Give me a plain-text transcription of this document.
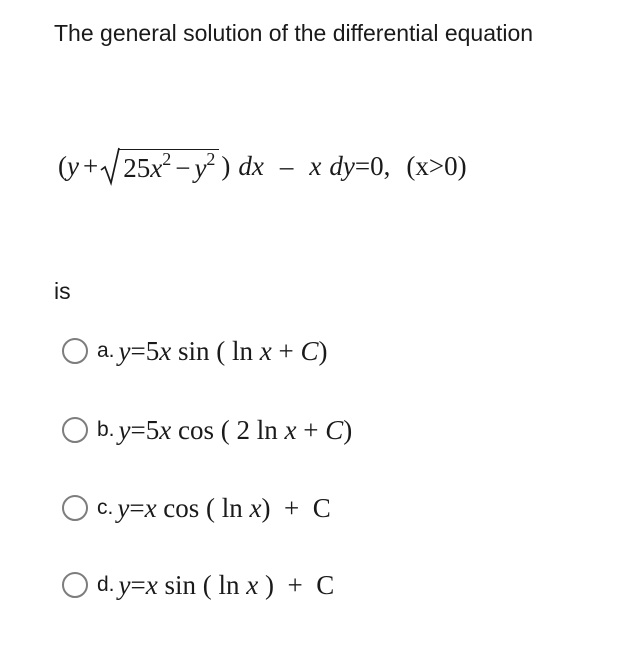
The general solution of the differential equation
( $y + 25x^2 - y^2$ ) dx – x dy =0, (x>0)
is
a. y=5x sin ( ln x + C)
b. y=5x cos ( 2 ln x + C)
c. y=x cos ( ln x)  +  C
d. y=x sin ( ln x )  +  C
